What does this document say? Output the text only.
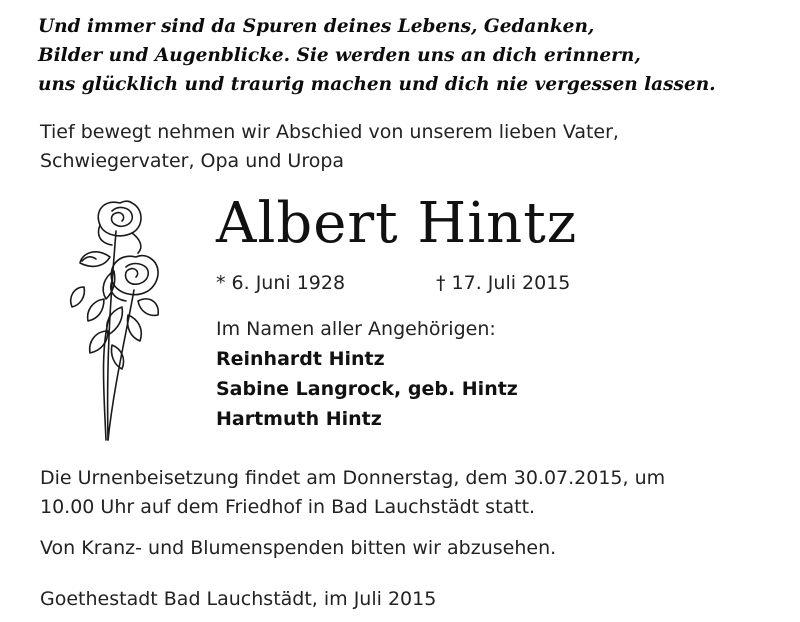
Und immer sind da Spuren deines Lebens, Gedanken,
Bilder und Augenblicke. Sie werden uns an dich erinnern,
uns glücklich und traurig machen und dich nie vergessen lassen.
Tief bewegt nehmen wir Abschied von unserem lieben Vater,
Schwiegervater, Opa und Uropa
Albert Hintz
* 6. Juni 1928	† 17. Juli 2015
Im Namen aller Angehörigen:
Reinhardt Hintz
Sabine Langrock, geb. Hintz
Hartmuth Hintz
Die Urnenbeisetzung findet am Donnerstag, dem 30.07.2015, um
10.00 Uhr auf dem Friedhof in Bad Lauchstädt statt.
Von Kranz- und Blumenspenden bitten wir abzusehen.
Goethestadt Bad Lauchstädt, im Juli 2015
